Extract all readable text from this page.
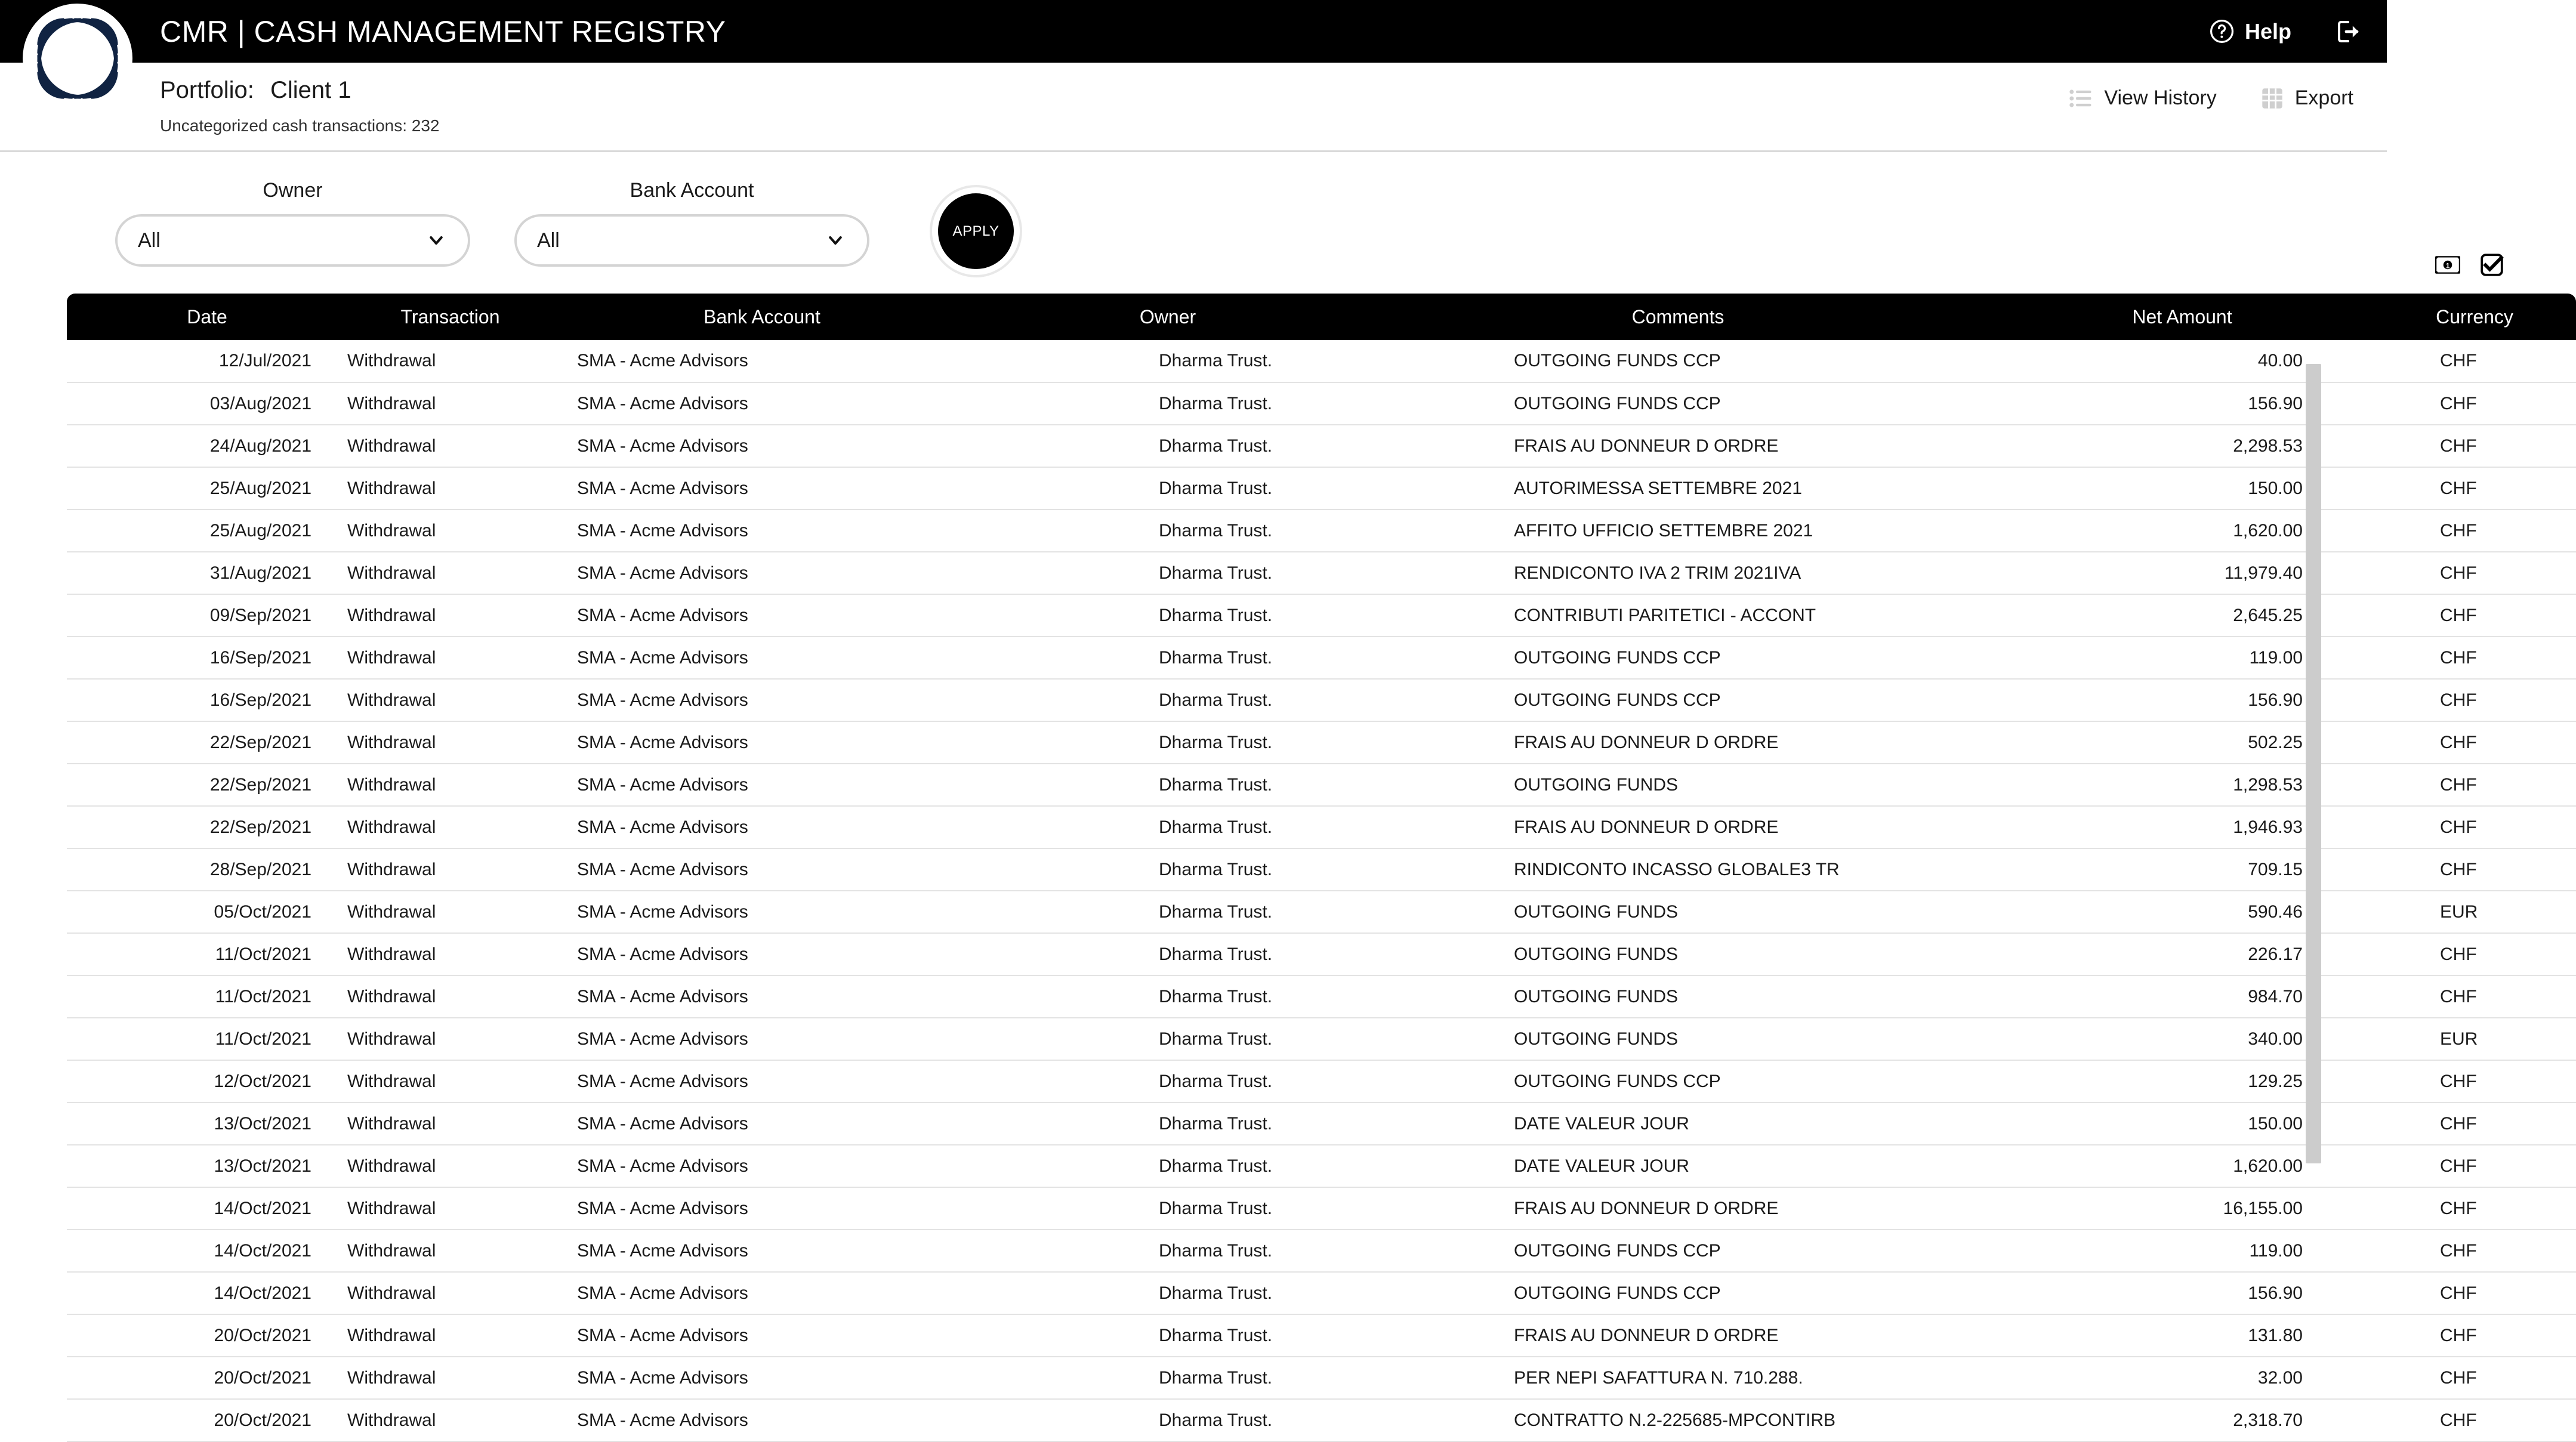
CMR | CASH MANAGEMENT REGISTRY	Help
Portfolio: Client 1
Uncategorized cash transactions: 232
View History	Export
Owner
All
Bank Account
All	APPLY
1
Date	Transaction	Bank Account	Owner	Comments	Net Amount	Currency
12/Jul/2021	Withdrawal	SMA - Acme Advisors	Dharma Trust.	OUTGOING FUNDS CCP	40.00	CHF
03/Aug/2021	Withdrawal	SMA - Acme Advisors	Dharma Trust.	OUTGOING FUNDS CCP	156.90	CHF
24/Aug/2021	Withdrawal	SMA - Acme Advisors	Dharma Trust.	FRAIS AU DONNEUR D ORDRE	2,298.53	CHF
25/Aug/2021	Withdrawal	SMA - Acme Advisors	Dharma Trust.	AUTORIMESSA SETTEMBRE 2021	150.00	CHF
25/Aug/2021	Withdrawal	SMA - Acme Advisors	Dharma Trust.	AFFITO UFFICIO SETTEMBRE 2021	1,620.00	CHF
31/Aug/2021	Withdrawal	SMA - Acme Advisors	Dharma Trust.	RENDICONTO IVA 2 TRIM 2021IVA	11,979.40	CHF
09/Sep/2021	Withdrawal	SMA - Acme Advisors	Dharma Trust.	CONTRIBUTI PARITETICI - ACCONT	2,645.25	CHF
16/Sep/2021	Withdrawal	SMA - Acme Advisors	Dharma Trust.	OUTGOING FUNDS CCP	119.00	CHF
16/Sep/2021	Withdrawal	SMA - Acme Advisors	Dharma Trust.	OUTGOING FUNDS CCP	156.90	CHF
22/Sep/2021	Withdrawal	SMA - Acme Advisors	Dharma Trust.	FRAIS AU DONNEUR D ORDRE	502.25	CHF
22/Sep/2021	Withdrawal	SMA - Acme Advisors	Dharma Trust.	OUTGOING FUNDS	1,298.53	CHF
22/Sep/2021	Withdrawal	SMA - Acme Advisors	Dharma Trust.	FRAIS AU DONNEUR D ORDRE	1,946.93	CHF
28/Sep/2021	Withdrawal	SMA - Acme Advisors	Dharma Trust.	RINDICONTO INCASSO GLOBALE3 TR	709.15	CHF
05/Oct/2021	Withdrawal	SMA - Acme Advisors	Dharma Trust.	OUTGOING FUNDS	590.46	EUR
11/Oct/2021	Withdrawal	SMA - Acme Advisors	Dharma Trust.	OUTGOING FUNDS	226.17	CHF
11/Oct/2021	Withdrawal	SMA - Acme Advisors	Dharma Trust.	OUTGOING FUNDS	984.70	CHF
11/Oct/2021	Withdrawal	SMA - Acme Advisors	Dharma Trust.	OUTGOING FUNDS	340.00	EUR
12/Oct/2021	Withdrawal	SMA - Acme Advisors	Dharma Trust.	OUTGOING FUNDS CCP	129.25	CHF
13/Oct/2021	Withdrawal	SMA - Acme Advisors	Dharma Trust.	DATE VALEUR JOUR	150.00	CHF
13/Oct/2021	Withdrawal	SMA - Acme Advisors	Dharma Trust.	DATE VALEUR JOUR	1,620.00	CHF
14/Oct/2021	Withdrawal	SMA - Acme Advisors	Dharma Trust.	FRAIS AU DONNEUR D ORDRE	16,155.00	CHF
14/Oct/2021	Withdrawal	SMA - Acme Advisors	Dharma Trust.	OUTGOING FUNDS CCP	119.00	CHF
14/Oct/2021	Withdrawal	SMA - Acme Advisors	Dharma Trust.	OUTGOING FUNDS CCP	156.90	CHF
20/Oct/2021	Withdrawal	SMA - Acme Advisors	Dharma Trust.	FRAIS AU DONNEUR D ORDRE	131.80	CHF
20/Oct/2021	Withdrawal	SMA - Acme Advisors	Dharma Trust.	PER NEPI SAFATTURA N. 710.288.	32.00	CHF
20/Oct/2021	Withdrawal	SMA - Acme Advisors	Dharma Trust.	CONTRATTO N.2-225685-MPCONTIRB	2,318.70	CHF
